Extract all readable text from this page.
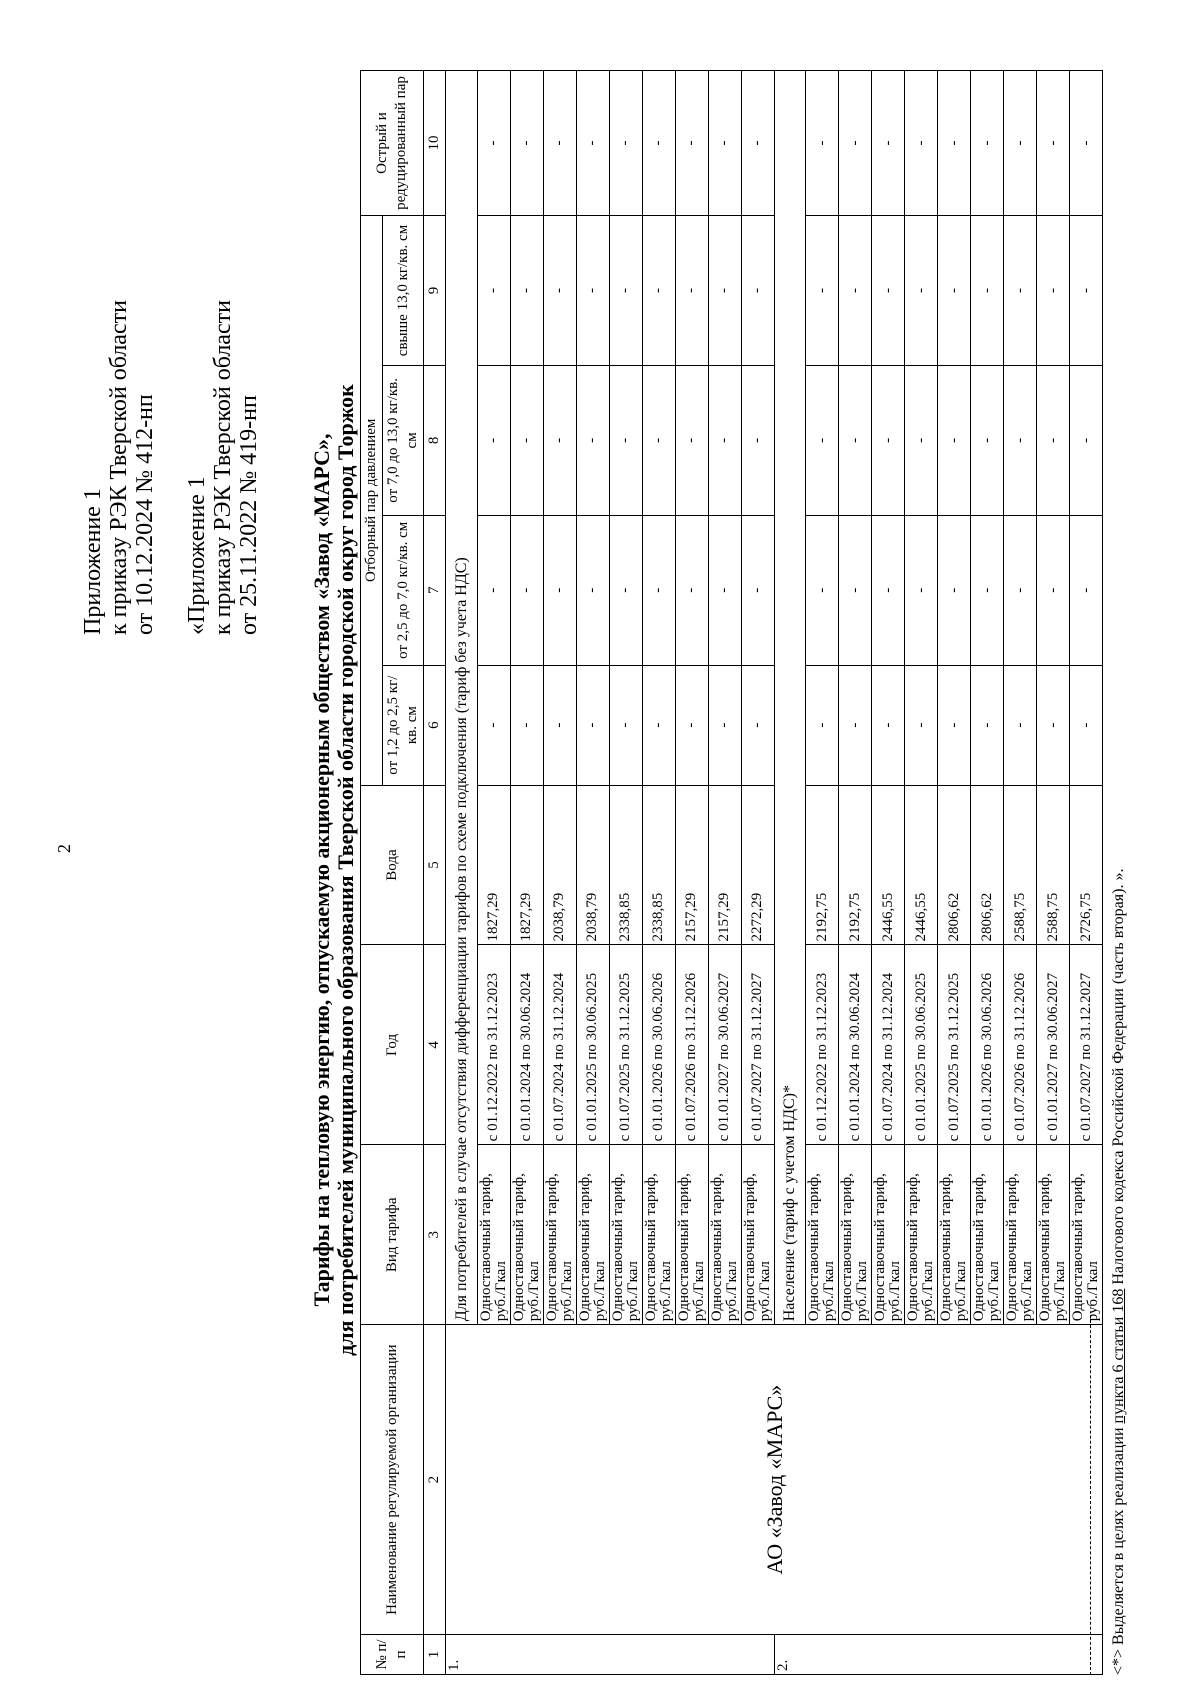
2
Приложение 1 к приказу РЭК Тверской области от 10.12.2024 № 412-нп «Приложение 1 к приказу РЭК Тверской области от 25.11.2022 № 419-нп Тарифы на тепловую энергию, отпускаемую акционерным обществом «Завод «МАРС», для потребителей муниципального образования Тверской области городской округ город Торжок
№ п/п	Наименование регулируемой организации	Вид тарифа	Год	Вода	Отборный пар давлением				Острый и редуцированный пар
					от 1,2 до 2,5 кг/кв. см	от 2,5 до 7,0 кг/кв. см	от 7,0 до 13,0 кг/кв. см	свыше 13,0 кг/кв. см	
1	2	3	4	5	6	7	8	9	10
1.	АО «Завод «МАРС»	Для потребителей в случае отсутствия дифференциации тарифов по схеме подключения (тариф без учета НДС)							
		Одноставочный тариф, руб./Гкал	с 01.12.2022 по 31.12.2023	1827,29	-	-	-	-	-
		Одноставочный тариф, руб./Гкал	с 01.01.2024 по 30.06.2024	1827,29	-	-	-	-	-
		Одноставочный тариф, руб./Гкал	с 01.07.2024 по 31.12.2024	2038,79	-	-	-	-	-
		Одноставочный тариф, руб./Гкал	с 01.01.2025 по 30.06.2025	2038,79	-	-	-	-	-
		Одноставочный тариф, руб./Гкал	с 01.07.2025 по 31.12.2025	2338,85	-	-	-	-	-
		Одноставочный тариф, руб./Гкал	с 01.01.2026 по 30.06.2026	2338,85	-	-	-	-	-
		Одноставочный тариф, руб./Гкал	с 01.07.2026 по 31.12.2026	2157,29	-	-	-	-	-
		Одноставочный тариф, руб./Гкал	с 01.01.2027 по 30.06.2027	2157,29	-	-	-	-	-
		Одноставочный тариф, руб./Гкал	с 01.07.2027 по 31.12.2027	2272,29	-	-	-	-	-
2.		Население (тариф с учетом НДС)*							
		Одноставочный тариф, руб./Гкал	с 01.12.2022 по 31.12.2023	2192,75	-	-	-	-	-
		Одноставочный тариф, руб./Гкал	с 01.01.2024 по 30.06.2024	2192,75	-	-	-	-	-
		Одноставочный тариф, руб./Гкал	с 01.07.2024 по 31.12.2024	2446,55	-	-	-	-	-
		Одноставочный тариф, руб./Гкал	с 01.01.2025 по 30.06.2025	2446,55	-	-	-	-	-
		Одноставочный тариф, руб./Гкал	с 01.07.2025 по 31.12.2025	2806,62	-	-	-	-	-
		Одноставочный тариф, руб./Гкал	с 01.01.2026 по 30.06.2026	2806,62	-	-	-	-	-
		Одноставочный тариф, руб./Гкал	с 01.07.2026 по 31.12.2026	2588,75	-	-	-	-	-
		Одноставочный тариф, руб./Гкал	с 01.01.2027 по 30.06.2027	2588,75	-	-	-	-	-
		Одноставочный тариф, руб./Гкал	с 01.07.2027 по 31.12.2027	2726,75	-	-	-	-	-
<*> Выделяется в целях реализации пункта 6 статьи 168 Налогового кодекса Российской Федерации (часть вторая). ».
